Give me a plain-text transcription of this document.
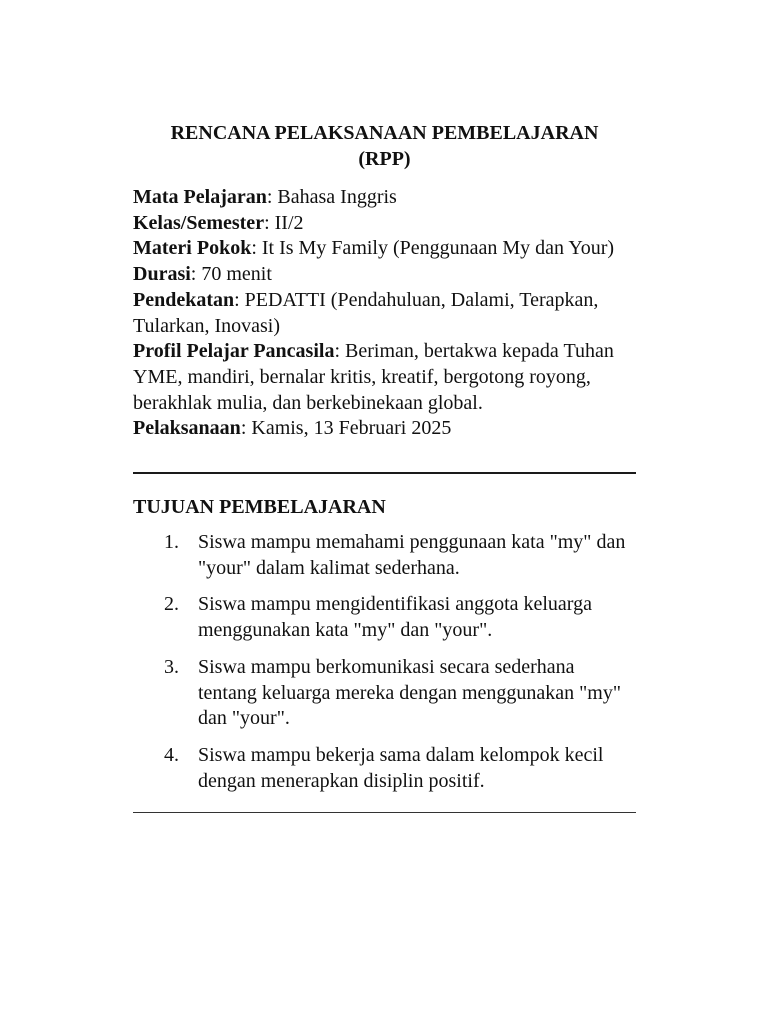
RENCANA PELAKSANAAN PEMBELAJARAN
(RPP)

Mata Pelajaran: Bahasa Inggris

Kelas/Semester: II/2

Materi Pokok: It Is My Family (Penggunaan My dan Your)

Durasi: 70 menit

Pendekatan: PEDATTI (Pendahuluan, Dalami, Terapkan, Tularkan, Inovasi)

Profil Pelajar Pancasila: Beriman, bertakwa kepada Tuhan YME, mandiri, bernalar kritis, kreatif, bergotong royong, berakhlak mulia, dan berkebinekaan global.

Pelaksanaan: Kamis, 13 Februari 2025

TUJUAN PEMBELAJARAN
1. Siswa mampu memahami penggunaan kata "my" dan "your" dalam kalimat sederhana.
2. Siswa mampu mengidentifikasi anggota keluarga menggunakan kata "my" dan "your".
3. Siswa mampu berkomunikasi secara sederhana tentang keluarga mereka dengan menggunakan "my" dan "your".
4. Siswa mampu bekerja sama dalam kelompok kecil dengan menerapkan disiplin positif.
